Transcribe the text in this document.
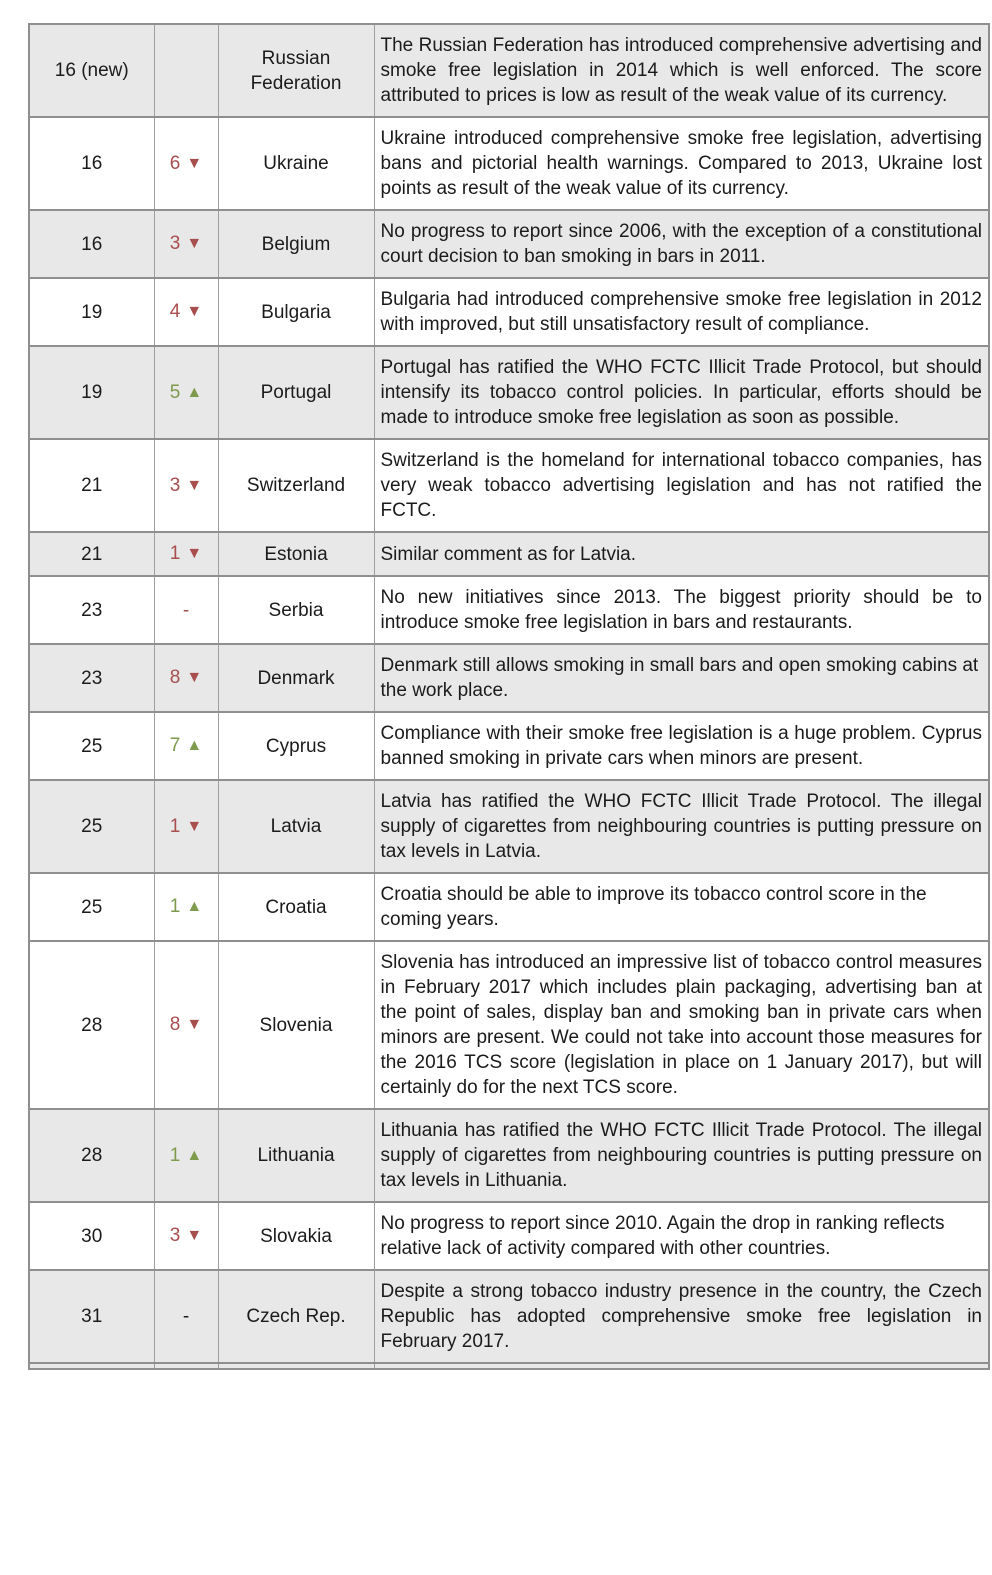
16 (new)		Russian Federation	The Russian Federation has introduced comprehensive advertising and smoke free legislation in 2014 which is well enforced. The score attributed to prices is low as result of the weak value of its currency.
16	6 ▼	Ukraine	Ukraine introduced comprehensive smoke free legislation, advertising bans and pictorial health warnings. Compared to 2013, Ukraine lost points as result of the weak value of its currency.
16	3 ▼	Belgium	No progress to report since 2006, with the exception of a constitutional court decision to ban smoking in bars in 2011.
19	4 ▼	Bulgaria	Bulgaria had introduced comprehensive smoke free legislation in 2012 with improved, but still unsatisfactory result of compliance.
19	5 ▲	Portugal	Portugal has ratified the WHO FCTC Illicit Trade Protocol, but should intensify its tobacco control policies. In particular, efforts should be made to introduce smoke free legislation as soon as possible.
21	3 ▼	Switzerland	Switzerland is the homeland for international tobacco companies, has very weak tobacco advertising legislation and has not ratified the FCTC.
21	1 ▼	Estonia	Similar comment as for Latvia.
23	-	Serbia	No new initiatives since 2013. The biggest priority should be to introduce smoke free legislation in bars and restaurants.
23	8 ▼	Denmark	Denmark still allows smoking in small bars and open smoking cabins at the work place.
25	7 ▲	Cyprus	Compliance with their smoke free legislation is a huge problem. Cyprus banned smoking in private cars when minors are present.
25	1 ▼	Latvia	Latvia has ratified the WHO FCTC Illicit Trade Protocol. The illegal supply of cigarettes from neighbouring countries is putting pressure on tax levels in Latvia.
25	1 ▲	Croatia	Croatia should be able to improve its tobacco control score in the coming years.
28	8 ▼	Slovenia	Slovenia has introduced an impressive list of tobacco control measures in February 2017 which includes plain packaging, advertising ban at the point of sales, display ban and smoking ban in private cars when minors are present. We could not take into account those measures for the 2016 TCS score (legislation in place on 1 January 2017), but will certainly do for the next TCS score.
28	1 ▲	Lithuania	Lithuania has ratified the WHO FCTC Illicit Trade Protocol. The illegal supply of cigarettes from neighbouring countries is putting pressure on tax levels in Lithuania.
30	3 ▼	Slovakia	No progress to report since 2010. Again the drop in ranking reflects relative lack of activity compared with other countries.
31	-	Czech Rep.	Despite a strong tobacco industry presence in the country, the Czech Republic has adopted comprehensive smoke free legislation in February 2017.
